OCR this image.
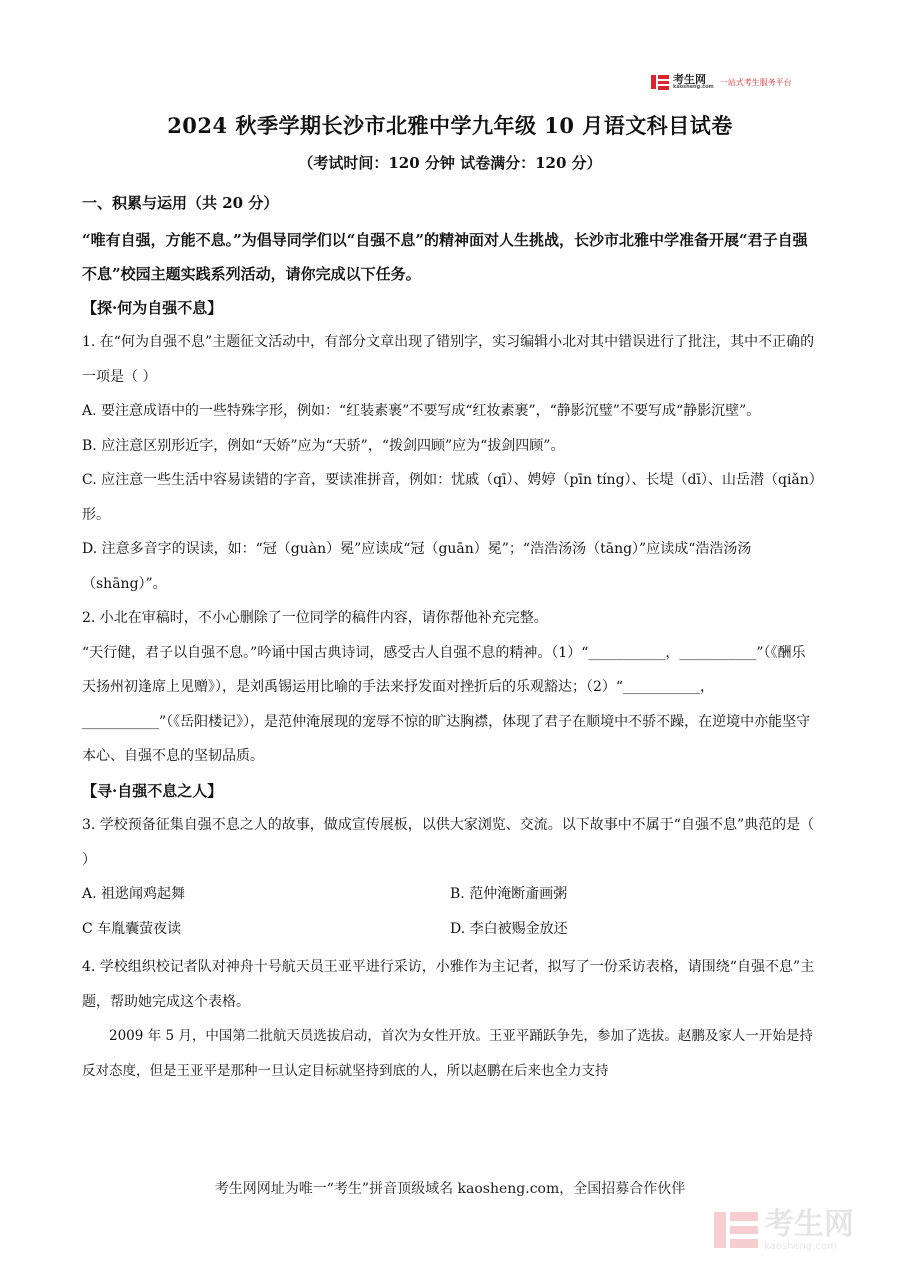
考生网
kaosheng.com
一站式考生服务平台
2024 秋季学期长沙市北雅中学九年级 10 月语文科目试卷

（考试时间：120 分钟 试卷满分：120 分）

一、积累与运用（共 20 分）

“唯有自强，方能不息。”为倡导同学们以“自强不息”的精神面对人生挑战，长沙市北雅中学准备开展“君子自强不息”校园主题实践系列活动，请你完成以下任务。

【探·何为自强不息】

1. 在“何为自强不息”主题征文活动中，有部分文章出现了错别字，实习编辑小北对其中错误进行了批注，其中不正确的一项是（ ）

A. 要注意成语中的一些特殊字形，例如：“红装素裹”不要写成“红妆素裹”，“静影沉璧”不要写成“静影沉壁”。

B. 应注意区别形近字，例如“天娇”应为“天骄”，“拨剑四顾”应为“拔剑四顾”。

C. 应注意一些生活中容易读错的字音，要读准拼音，例如：忧戚（qī）、娉婷（pīn tíng）、长堤（dī）、山岳潜（qiǎn）形。

D. 注意多音字的误读，如：“冠（guàn）冕”应读成“冠（guān）冕”；“浩浩汤汤（tāng）”应读成“浩浩汤汤（shāng）”。

2. 小北在审稿时，不小心删除了一位同学的稿件内容，请你帮他补充完整。

“天行健，君子以自强不息。”吟诵中国古典诗词，感受古人自强不息的精神。（1）“___________，___________”（《酬乐天扬州初逢席上见赠》），是刘禹锡运用比喻的手法来抒发面对挫折后的乐观豁达；（2）“___________，___________”（《岳阳楼记》），是范仲淹展现的宠辱不惊的旷达胸襟，体现了君子在顺境中不骄不躁，在逆境中亦能坚守本心、自强不息的坚韧品质。

【寻·自强不息之人】

3. 学校预备征集自强不息之人的故事，做成宣传展板，以供大家浏览、交流。以下故事中不属于“自强不息”典范的是（ ）

A. 祖逖闻鸡起舞	B. 范仲淹断齑画粥
C 车胤囊萤夜读	D. 李白被赐金放还

4. 学校组织校记者队对神舟十号航天员王亚平进行采访，小雅作为主记者，拟写了一份采访表格，请围绕“自强不息”主题，帮助她完成这个表格。

2009 年 5 月，中国第二批航天员选拔启动，首次为女性开放。王亚平踊跃争先，参加了选拔。赵鹏及家人一开始是持反对态度，但是王亚平是那种一旦认定目标就坚持到底的人，所以赵鹏在后来也全力支持

考生网网址为唯一“考生”拼音顶级域名 kaosheng.com，全国招募合作伙伴
考生网
kaosheng.com
